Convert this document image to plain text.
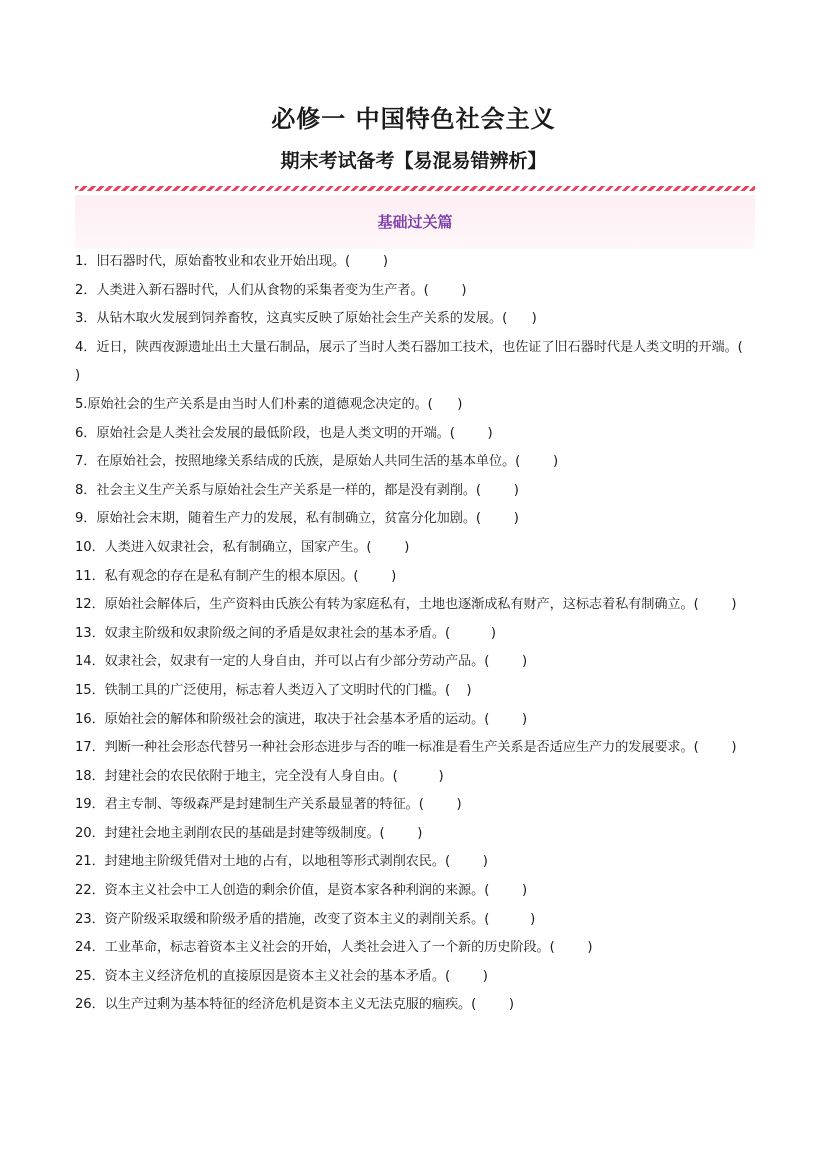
必修一 中国特色社会主义
期末考试备考【易混易错辨析】
基础过关篇
1．旧石器时代，原始畜牧业和农业开始出现。(        )
2．人类进入新石器时代，人们从食物的采集者变为生产者。(        )
3．从钻木取火发展到饲养畜牧，这真实反映了原始社会生产关系的发展。(      )
4．近日，陕西夜源遗址出土大量石制品，展示了当时人类石器加工技术，也佐证了旧石器时代是人类文明的开端。(      )
5.原始社会的生产关系是由当时人们朴素的道德观念决定的。(      )
6．原始社会是人类社会发展的最低阶段，也是人类文明的开端。(        )
7．在原始社会，按照地缘关系结成的氏族，是原始人共同生活的基本单位。(        )
8．社会主义生产关系与原始社会生产关系是一样的，都是没有剥削。(        )
9．原始社会末期，随着生产力的发展，私有制确立，贫富分化加剧。(        )
10．人类进入奴隶社会，私有制确立，国家产生。(        )
11．私有观念的存在是私有制产生的根本原因。(        )
12．原始社会解体后，生产资料由氏族公有转为家庭私有，土地也逐渐成私有财产，这标志着私有制确立。(        )
13．奴隶主阶级和奴隶阶级之间的矛盾是奴隶社会的基本矛盾。(          )
14．奴隶社会，奴隶有一定的人身自由，并可以占有少部分劳动产品。(        )
15．铁制工具的广泛使用，标志着人类迈入了文明时代的门槛。(    )
16．原始社会的解体和阶级社会的演进，取决于社会基本矛盾的运动。(        )
17．判断一种社会形态代替另一种社会形态进步与否的唯一标准是看生产关系是否适应生产力的发展要求。(        )
18．封建社会的农民依附于地主，完全没有人身自由。(          )
19．君主专制、等级森严是封建制生产关系最显著的特征。(        )
20．封建社会地主剥削农民的基础是封建等级制度。(        )
21．封建地主阶级凭借对土地的占有，以地租等形式剥削农民。(        )
22．资本主义社会中工人创造的剩余价值，是资本家各种利润的来源。(        )
23．资产阶级采取缓和阶级矛盾的措施，改变了资本主义的剥削关系。(          )
24．工业革命，标志着资本主义社会的开始，人类社会进入了一个新的历史阶段。(        )
25．资本主义经济危机的直接原因是资本主义社会的基本矛盾。(        )
26．以生产过剩为基本特征的经济危机是资本主义无法克服的痼疾。(        )
